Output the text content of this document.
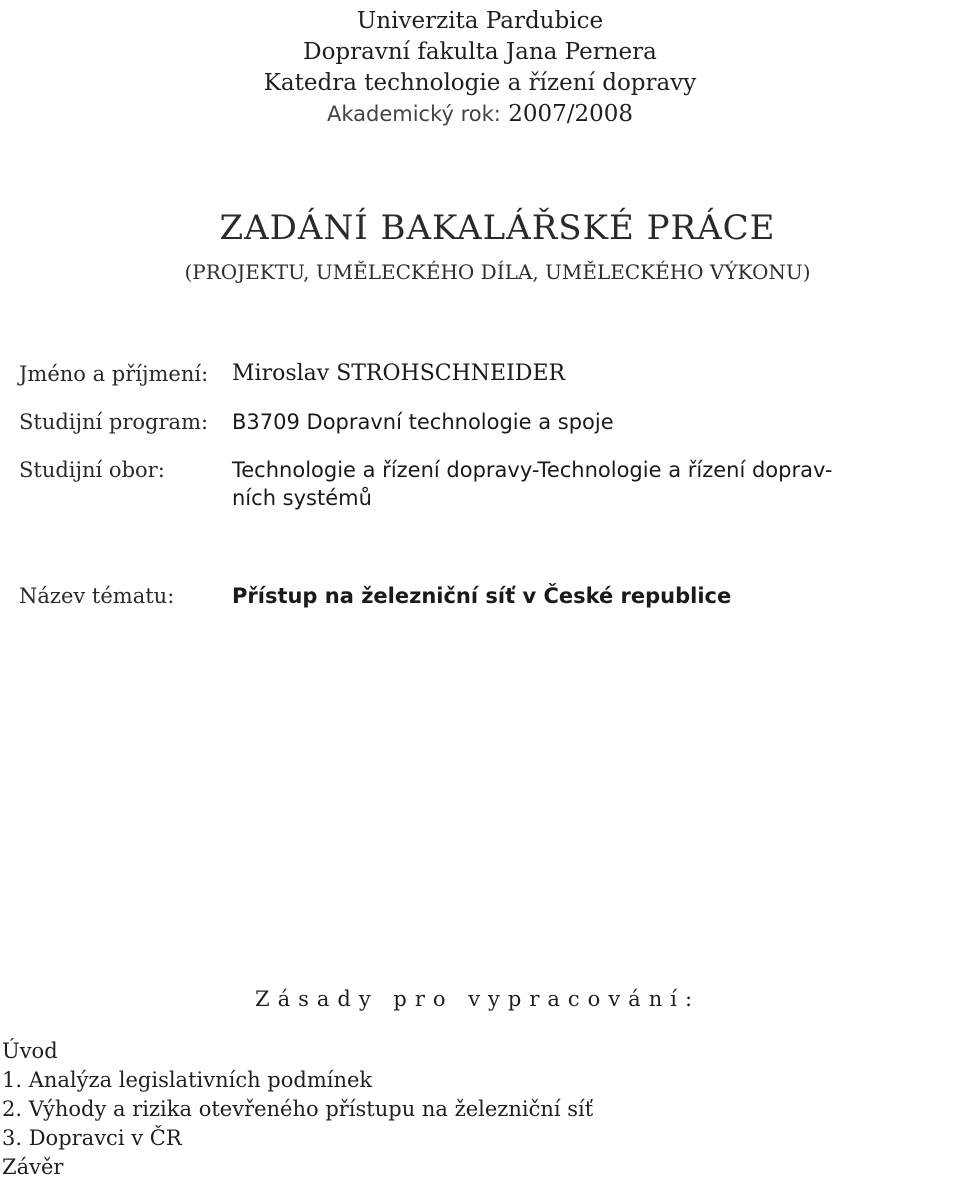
Univerzita Pardubice
Dopravní fakulta Jana Pernera
Katedra technologie a řízení dopravy
Akademický rok: 2007/2008
ZADÁNÍ BAKALÁŘSKÉ PRÁCE
(PROJEKTU, UMĚLECKÉHO DÍLA, UMĚLECKÉHO VÝKONU)
Jméno a příjmení: Miroslav STROHSCHNEIDER
Studijní program: B3709 Dopravní technologie a spoje
Studijní obor:	Technologie a řízení dopravy-Technologie a řízení doprav-
ních systémů
Název tématu:	Přístup na železniční síť v České republice
Zásady pro vypracování:
Úvod
1. Analýza legislativních podmínek
2. Výhody a rizika otevřeného přístupu na železniční síť
3. Dopravci v ČR
Závěr
